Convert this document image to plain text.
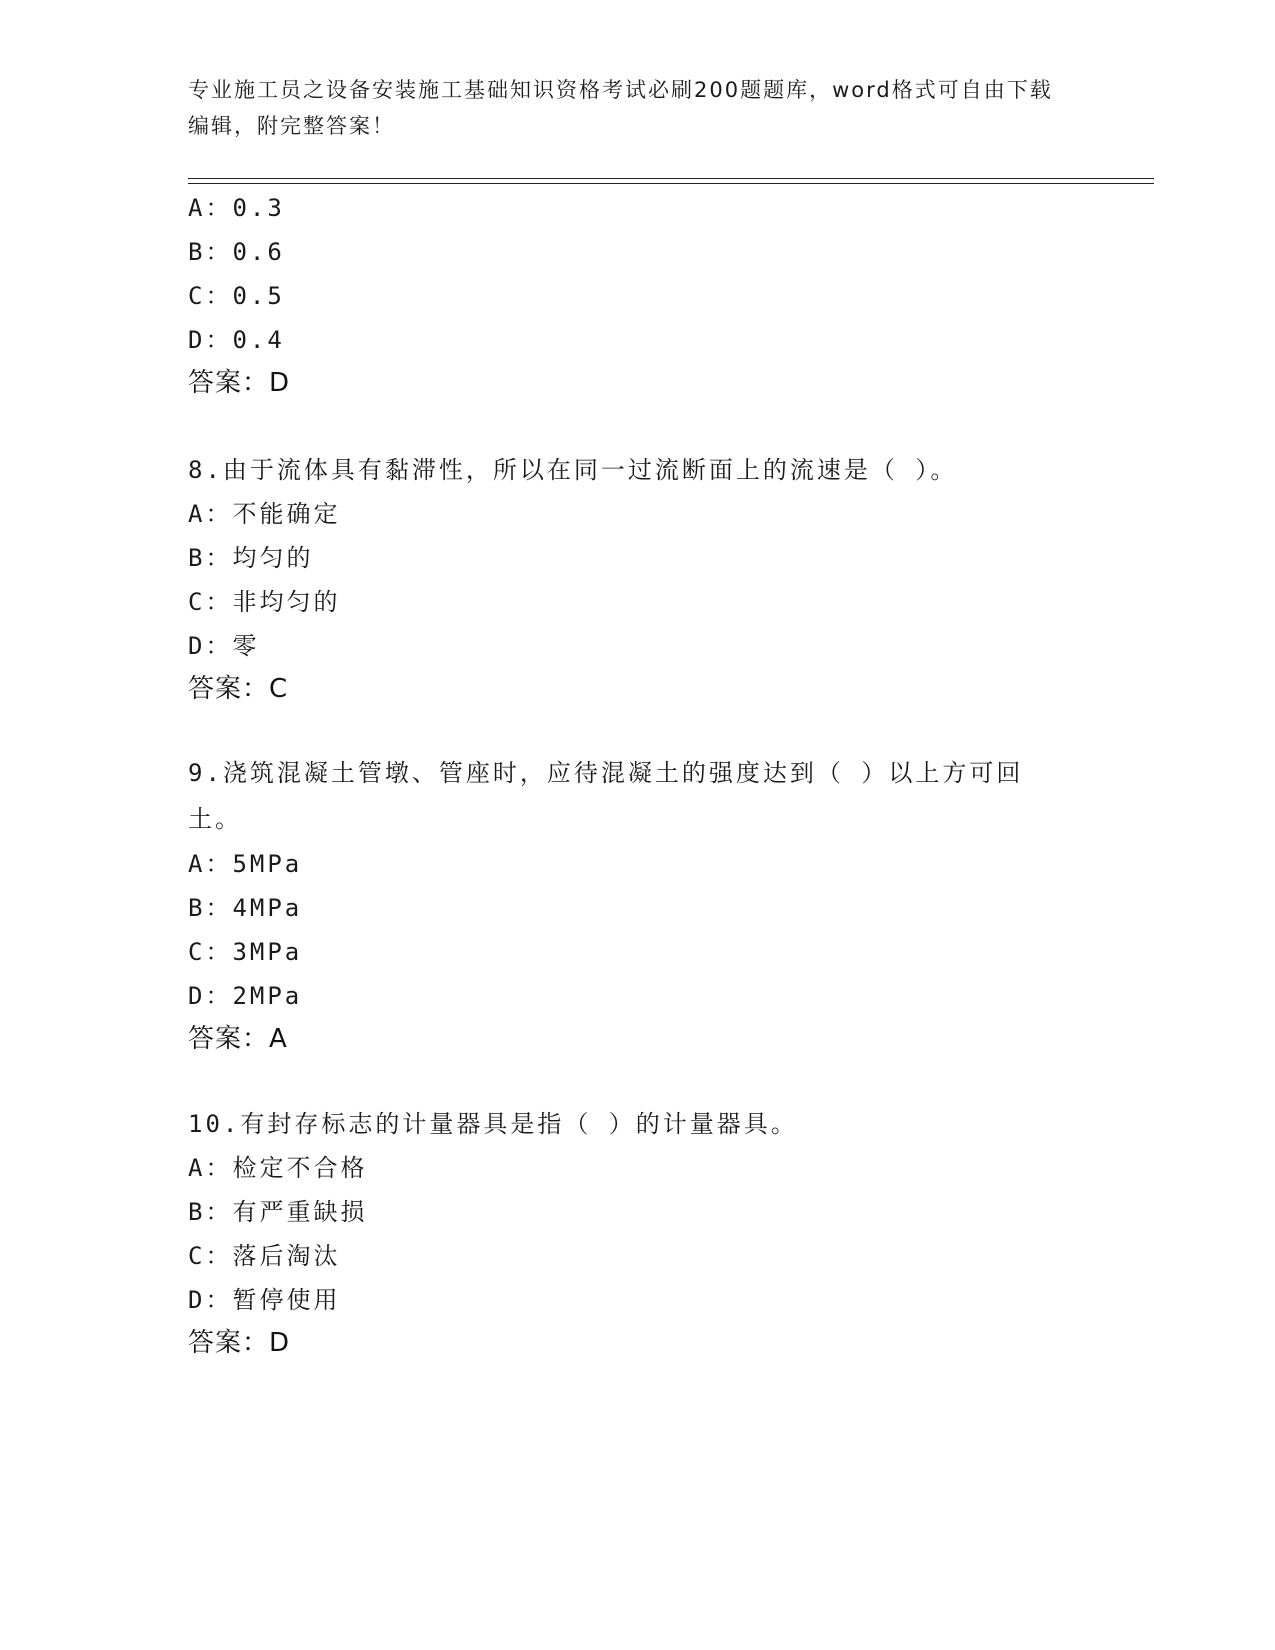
专业施工员之设备安装施工基础知识资格考试必刷200题题库，word格式可自由下载编辑，附完整答案！
A：0.3
B：0.6
C：0.5
D：0.4
答案：D
8.由于流体具有黏滞性，所以在同一过流断面上的流速是（ ）。
A：不能确定
B：均匀的
C：非均匀的
D：零
答案：C
9.浇筑混凝土管墩、管座时，应待混凝土的强度达到（ ）以上方可回土。
A：5MPa
B：4MPa
C：3MPa
D：2MPa
答案：A
10.有封存标志的计量器具是指（ ）的计量器具。
A：检定不合格
B：有严重缺损
C：落后淘汰
D：暂停使用
答案：D
